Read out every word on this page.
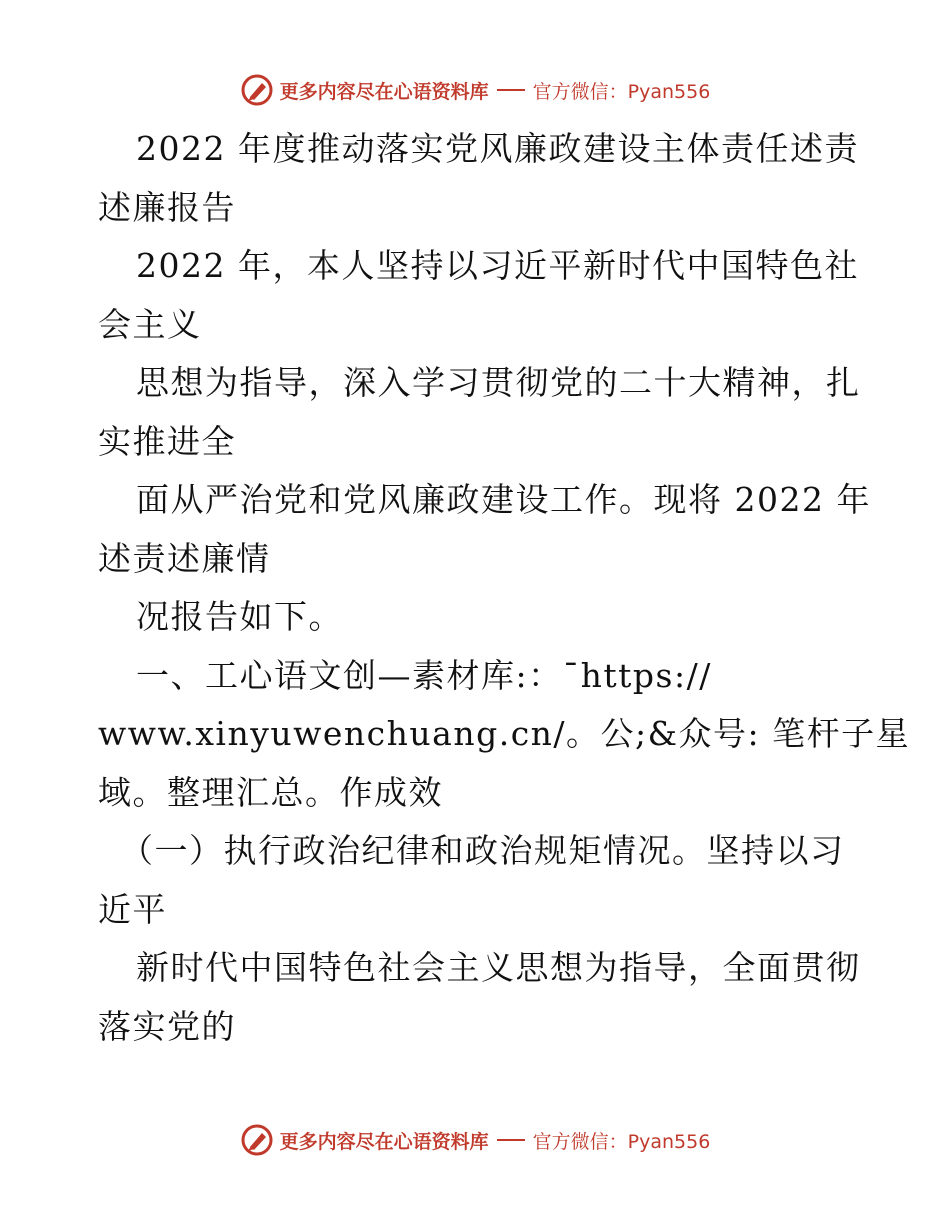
更多内容尽在心语资料库 官方微信：Pyan556
2022 年度推动落实党风廉政建设主体责任述责
述廉报告
2022 年，本人坚持以习近平新时代中国特色社
会主义
思想为指导，深入学习贯彻党的二十大精神，扎
实推进全
面从严治党和党风廉政建设工作。现将 2022 年
述责述廉情
况报告如下。
一、工心语文创—素材库:：¯https://
www.xinyuwenchuang.cn/。公;&众号: 笔杆子星
域。整理汇总。作成效
（一）执行政治纪律和政治规矩情况。坚持以习
近平
新时代中国特色社会主义思想为指导，全面贯彻
落实党的
更多内容尽在心语资料库 官方微信：Pyan556
